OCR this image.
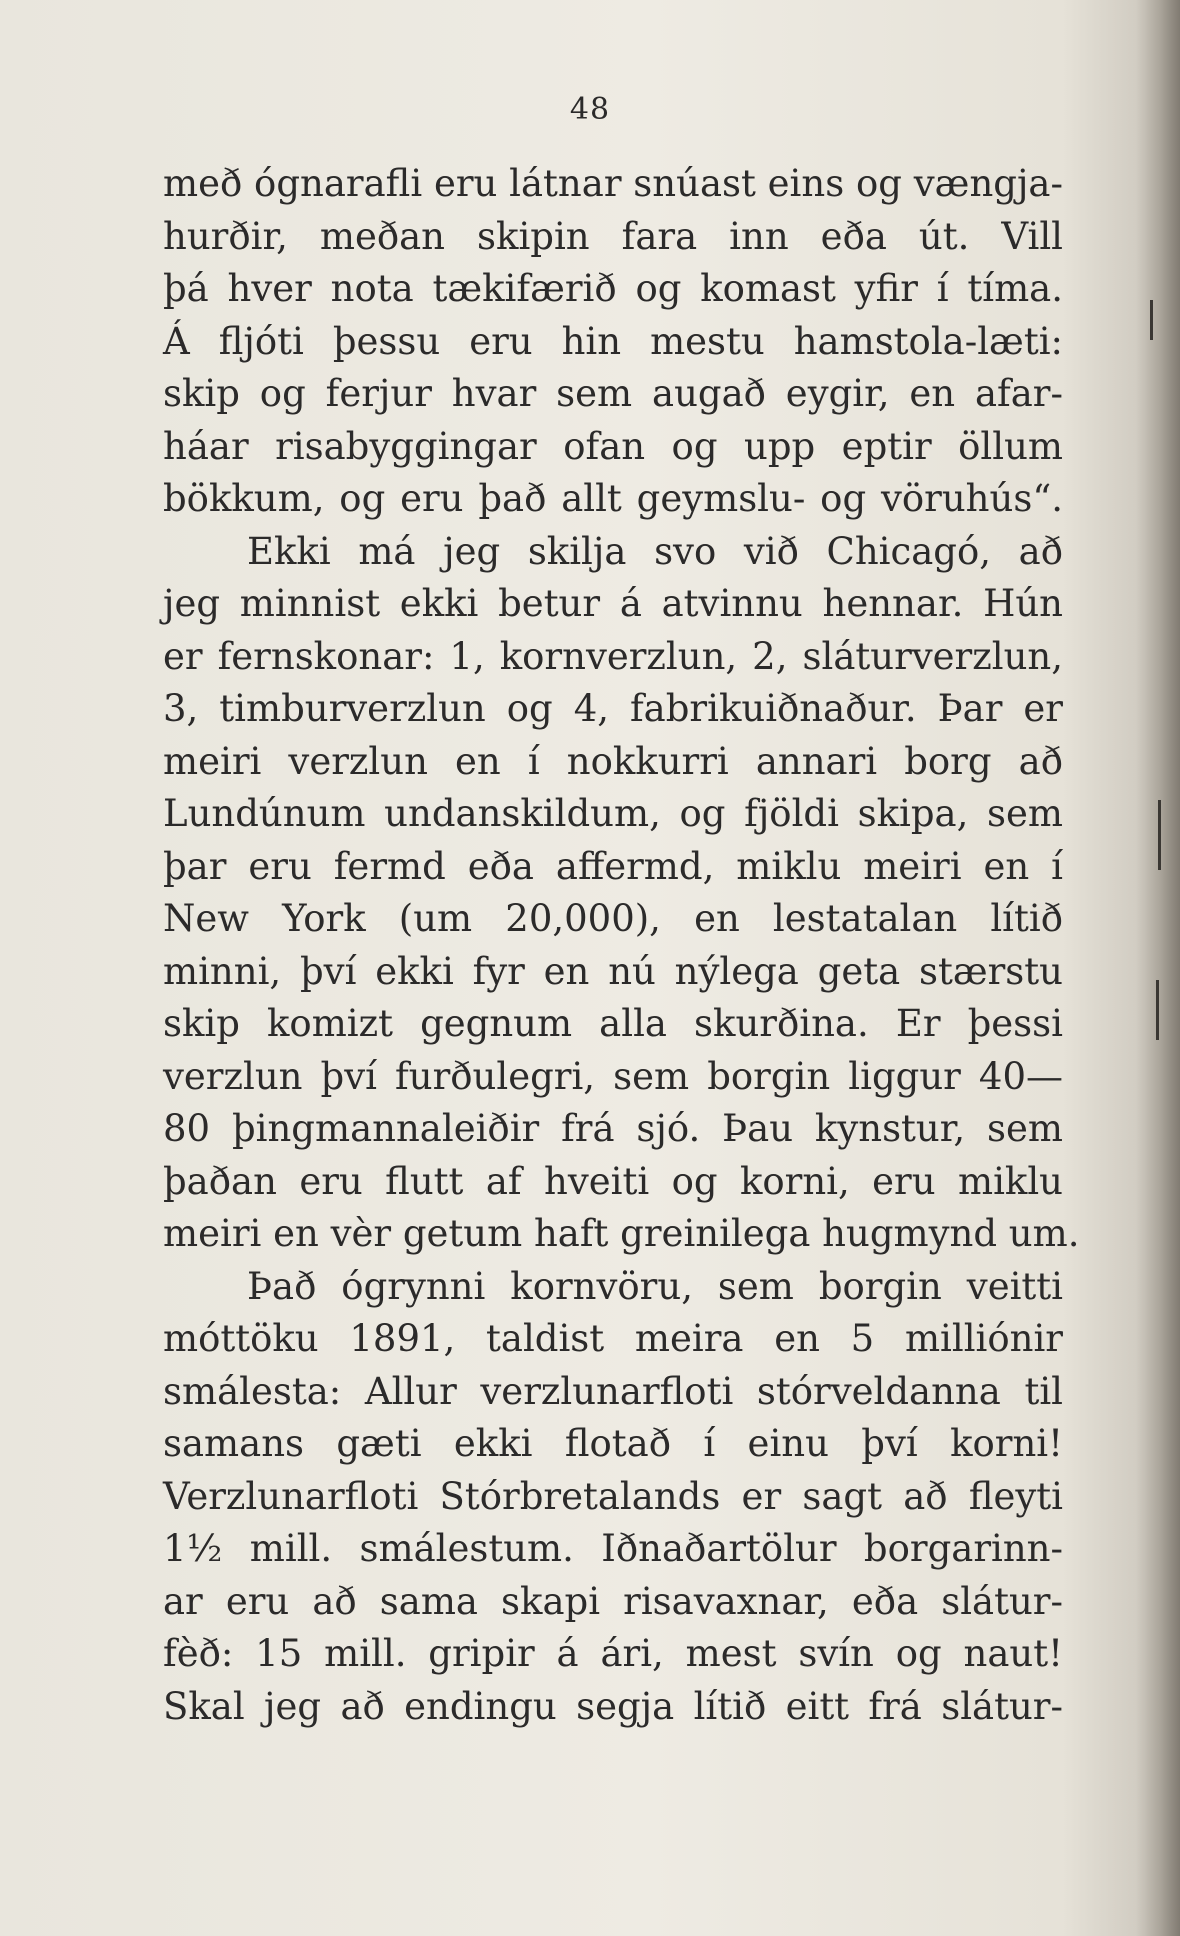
48
með ógnarafli eru látnar snúast eins og vængja-
hurðir, meðan skipin fara inn eða út. Vill
þá hver nota tækifærið og komast yfir í tíma.
Á fljóti þessu eru hin mestu hamstola-læti:
skip og ferjur hvar sem augað eygir, en afar-
háar risabyggingar ofan og upp eptir öllum
bökkum, og eru það allt geymslu- og vöruhús“.
Ekki má jeg skilja svo við Chicagó, að
jeg minnist ekki betur á atvinnu hennar. Hún
er fernskonar: 1, kornverzlun, 2, sláturverzlun,
3, timburverzlun og 4, fabrikuiðnaður. Þar er
meiri verzlun en í nokkurri annari borg að
Lundúnum undanskildum, og fjöldi skipa, sem
þar eru fermd eða affermd, miklu meiri en í
New York (um 20,000), en lestatalan lítið
minni, því ekki fyr en nú nýlega geta stærstu
skip komizt gegnum alla skurðina. Er þessi
verzlun því furðulegri, sem borgin liggur 40—
80 þingmannaleiðir frá sjó. Þau kynstur, sem
þaðan eru flutt af hveiti og korni, eru miklu
meiri en vèr getum haft greinilega hugmynd um.
Það ógrynni kornvöru, sem borgin veitti
móttöku 1891, taldist meira en 5 milliónir
smálesta: Allur verzlunarfloti stórveldanna til
samans gæti ekki flotað í einu því korni!
Verzlunarfloti Stórbretalands er sagt að fleyti
1½ mill. smálestum. Iðnaðartölur borgarinn-
ar eru að sama skapi risavaxnar, eða slátur-
fèð: 15 mill. gripir á ári, mest svín og naut!
Skal jeg að endingu segja lítið eitt frá slátur-
